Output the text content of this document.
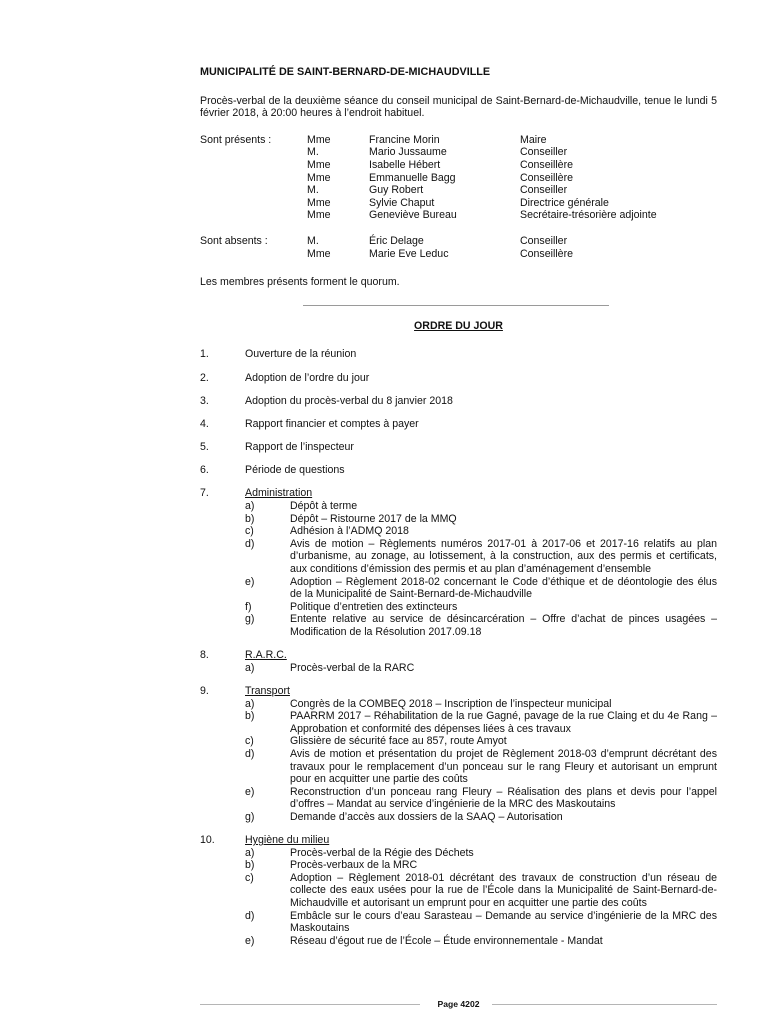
MUNICIPALITÉ DE SAINT-BERNARD-DE-MICHAUDVILLE
Procès-verbal de la deuxième séance du conseil municipal de Saint-Bernard-de-Michaudville, tenue le lundi 5 février 2018, à 20:00 heures à l’endroit habituel.
Sont présents :	Mme	Francine Morin	Maire
M.	Mario Jussaume	Conseiller
Mme	Isabelle Hébert	Conseillère
Mme	Emmanuelle Bagg	Conseillère
M.	Guy Robert	Conseiller
Mme	Sylvie Chaput	Directrice générale
Mme	Geneviève Bureau	Secrétaire-trésorière adjointe
Sont absents :	M.	Éric Delage	Conseiller
Mme	Marie Eve Leduc	Conseillère
Les membres présents forment le quorum.
ORDRE DU JOUR
1.	Ouverture de la réunion
2.	Adoption de l’ordre du jour
3.	Adoption du procès-verbal du 8 janvier 2018
4.	Rapport financier et comptes à payer
5.	Rapport de l’inspecteur
6.	Période de questions
7.	Administration
a)	Dépôt à terme
b)	Dépôt – Ristourne 2017 de la MMQ
c)	Adhésion à l’ADMQ 2018
d)	Avis de motion – Règlements numéros 2017-01 à 2017-06 et 2017-16 relatifs au plan d’urbanisme, au zonage, au lotissement, à la construction, aux des permis et certificats, aux conditions d’émission des permis et au plan d’aménagement d’ensemble
e)	Adoption – Règlement 2018-02 concernant le Code d’éthique et de déontologie des élus de la Municipalité de Saint-Bernard-de-Michaudville
f)	Politique d’entretien des extincteurs
g)	Entente relative au service de désincarcération – Offre d’achat de pinces usagées – Modification de la Résolution 2017.09.18
8.	R.A.R.C.
a)	Procès-verbal de la RARC
9.	Transport
a)	Congrès de la COMBEQ 2018 – Inscription de l’inspecteur municipal
b)	PAARRM 2017 – Réhabilitation de la rue Gagné, pavage de la rue Claing et du 4e Rang – Approbation et conformité des dépenses liées à ces travaux
c)	Glissière de sécurité face au 857, route Amyot
d)	Avis de motion et présentation du projet de Règlement 2018-03 d’emprunt décrétant des travaux pour le remplacement d’un ponceau sur le rang Fleury et autorisant un emprunt pour en acquitter une partie des coûts
e)	Reconstruction d’un ponceau rang Fleury – Réalisation des plans et devis pour l’appel d’offres – Mandat au service d’ingénierie de la MRC des Maskoutains
g)	Demande d’accès aux dossiers de la SAAQ – Autorisation
10.	Hygiène du milieu
a)	Procès-verbal de la Régie des Déchets
b)	Procès-verbaux de la MRC
c)	Adoption – Règlement 2018-01 décrétant des travaux de construction d’un réseau de collecte des eaux usées pour la rue de l’École dans la Municipalité de Saint-Bernard-de-Michaudville et autorisant un emprunt pour en acquitter une partie des coûts
d)	Embâcle sur le cours d’eau Sarasteau – Demande au service d’ingénierie de la MRC des Maskoutains
e)	Réseau d’égout rue de l’École – Étude environnementale - Mandat
Page 4202
